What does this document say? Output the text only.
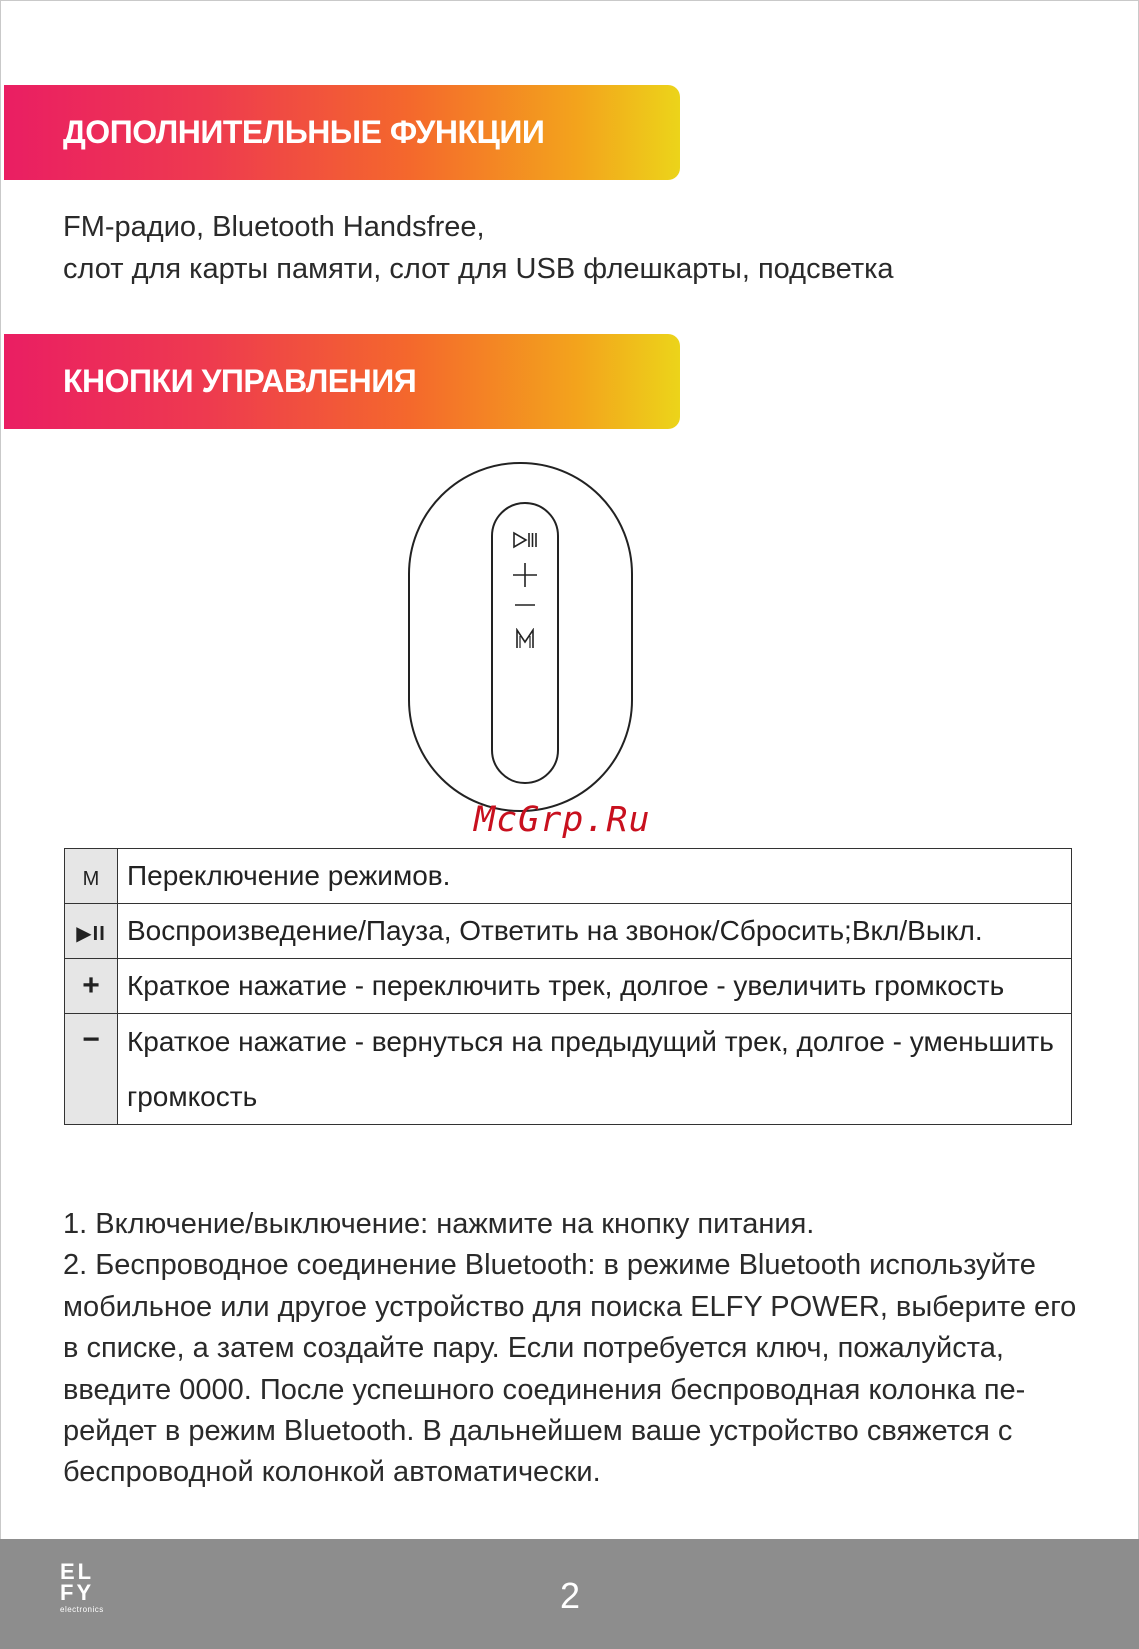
ДОПОЛНИТЕЛЬНЫЕ ФУНКЦИИ
FM-радио, Bluetooth Handsfree,
слот для карты памяти, слот для USB флешкарты, подсветка
КНОПКИ УПРАВЛЕНИЯ
McGrp.Ru
M	Переключение режимов.

▶II	Воспроизведение/Пауза, Ответить на звонок/Сбросить;Вкл/Выкл.

+	Краткое нажатие - переключить трек, долгое - увеличить громкость

−	Краткое нажатие - вернуться на предыдущий трек, долгое - уменьшить
громкость
1. Включение/выключение: нажмите на кнопку питания.
2. Беспроводное соединение Bluetooth: в режиме Bluetooth используйте
мобильное или другое устройство для поиска ELFY POWER, выберите его
в списке, а затем создайте пару. Если потребуется ключ, пожалуйста,
введите 0000. После успешного соединения беспроводная колонка пе-
рейдет в режим Bluetooth. В дальнейшем ваше устройство свяжется с
беспроводной колонкой автоматически.
EL
FY
electronics	2
